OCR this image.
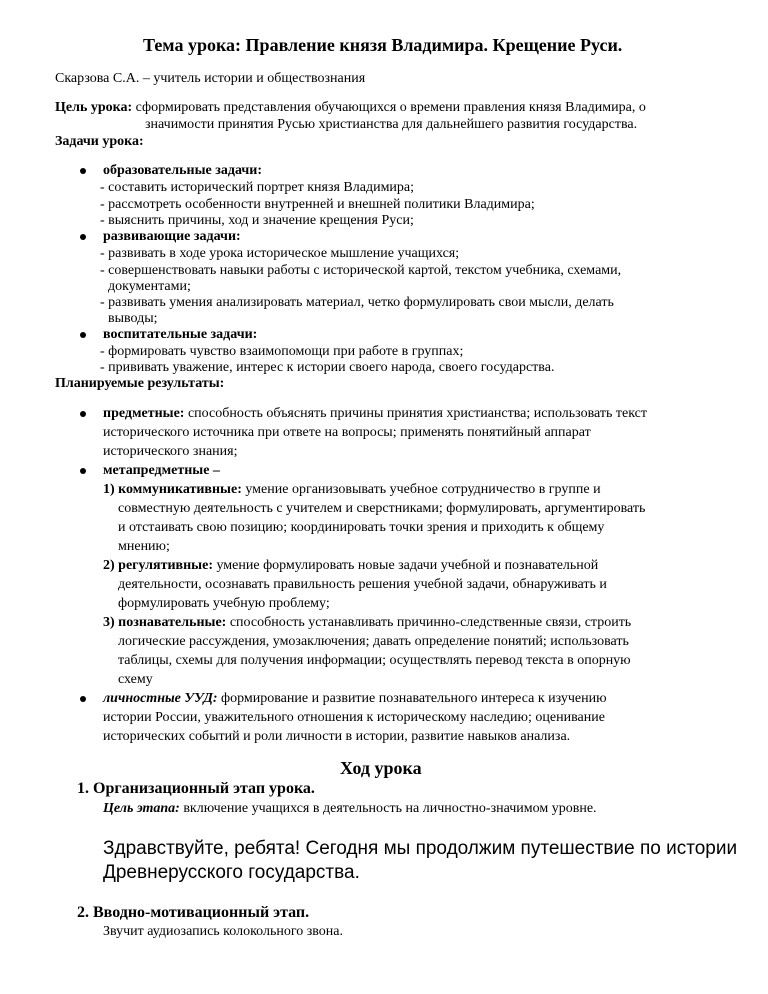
Тема урока: Правление князя Владимира. Крещение Руси.
Скарзова С.А. – учитель истории и обществознания
Цель урока: сформировать представления обучающихся о времени правления князя Владимира, о
значимости принятия Русью христианства для дальнейшего развития государства.
Задачи урока:
образовательные задачи:
- составить исторический портрет князя Владимира;
- рассмотреть особенности внутренней и внешней политики Владимира;
- выяснить причины, ход и значение крещения Руси;
развивающие задачи:
- развивать в ходе урока историческое мышление учащихся;
- совершенствовать навыки работы с исторической картой, текстом учебника, схемами,
документами;
- развивать умения анализировать материал, четко формулировать свои мысли, делать
выводы;
воспитательные задачи:
- формировать чувство взаимопомощи при работе в группах;
- прививать уважение, интерес к истории своего народа, своего государства.
Планируемые результаты:
предметные: способность объяснять причины принятия христианства; использовать текст
исторического источника при ответе на вопросы; применять понятийный аппарат
исторического знания;
метапредметные –
1) коммуникативные: умение организовывать учебное сотрудничество в группе и
совместную деятельность с учителем и сверстниками; формулировать, аргументировать
и отстаивать свою позицию; координировать точки зрения и приходить к общему
мнению;
2) регулятивные: умение формулировать новые задачи учебной и познавательной
деятельности, осознавать правильность решения учебной задачи, обнаруживать и
формулировать учебную проблему;
3) познавательные: способность устанавливать причинно-следственные связи, строить
логические рассуждения, умозаключения; давать определение понятий; использовать
таблицы, схемы для получения информации; осуществлять перевод текста в опорную
схему
личностные УУД: формирование и развитие познавательного интереса к изучению
истории России, уважительного отношения к историческому наследию; оценивание
исторических событий и роли личности в истории, развитие навыков анализа.
Ход урока
1. Организационный этап урока.
Цель этапа: включение учащихся в деятельность на личностно-значимом уровне.
Здравствуйте, ребята! Сегодня мы продолжим путешествие по истории
Древнерусского государства.
2. Вводно-мотивационный этап.
Звучит аудиозапись колокольного звона.
